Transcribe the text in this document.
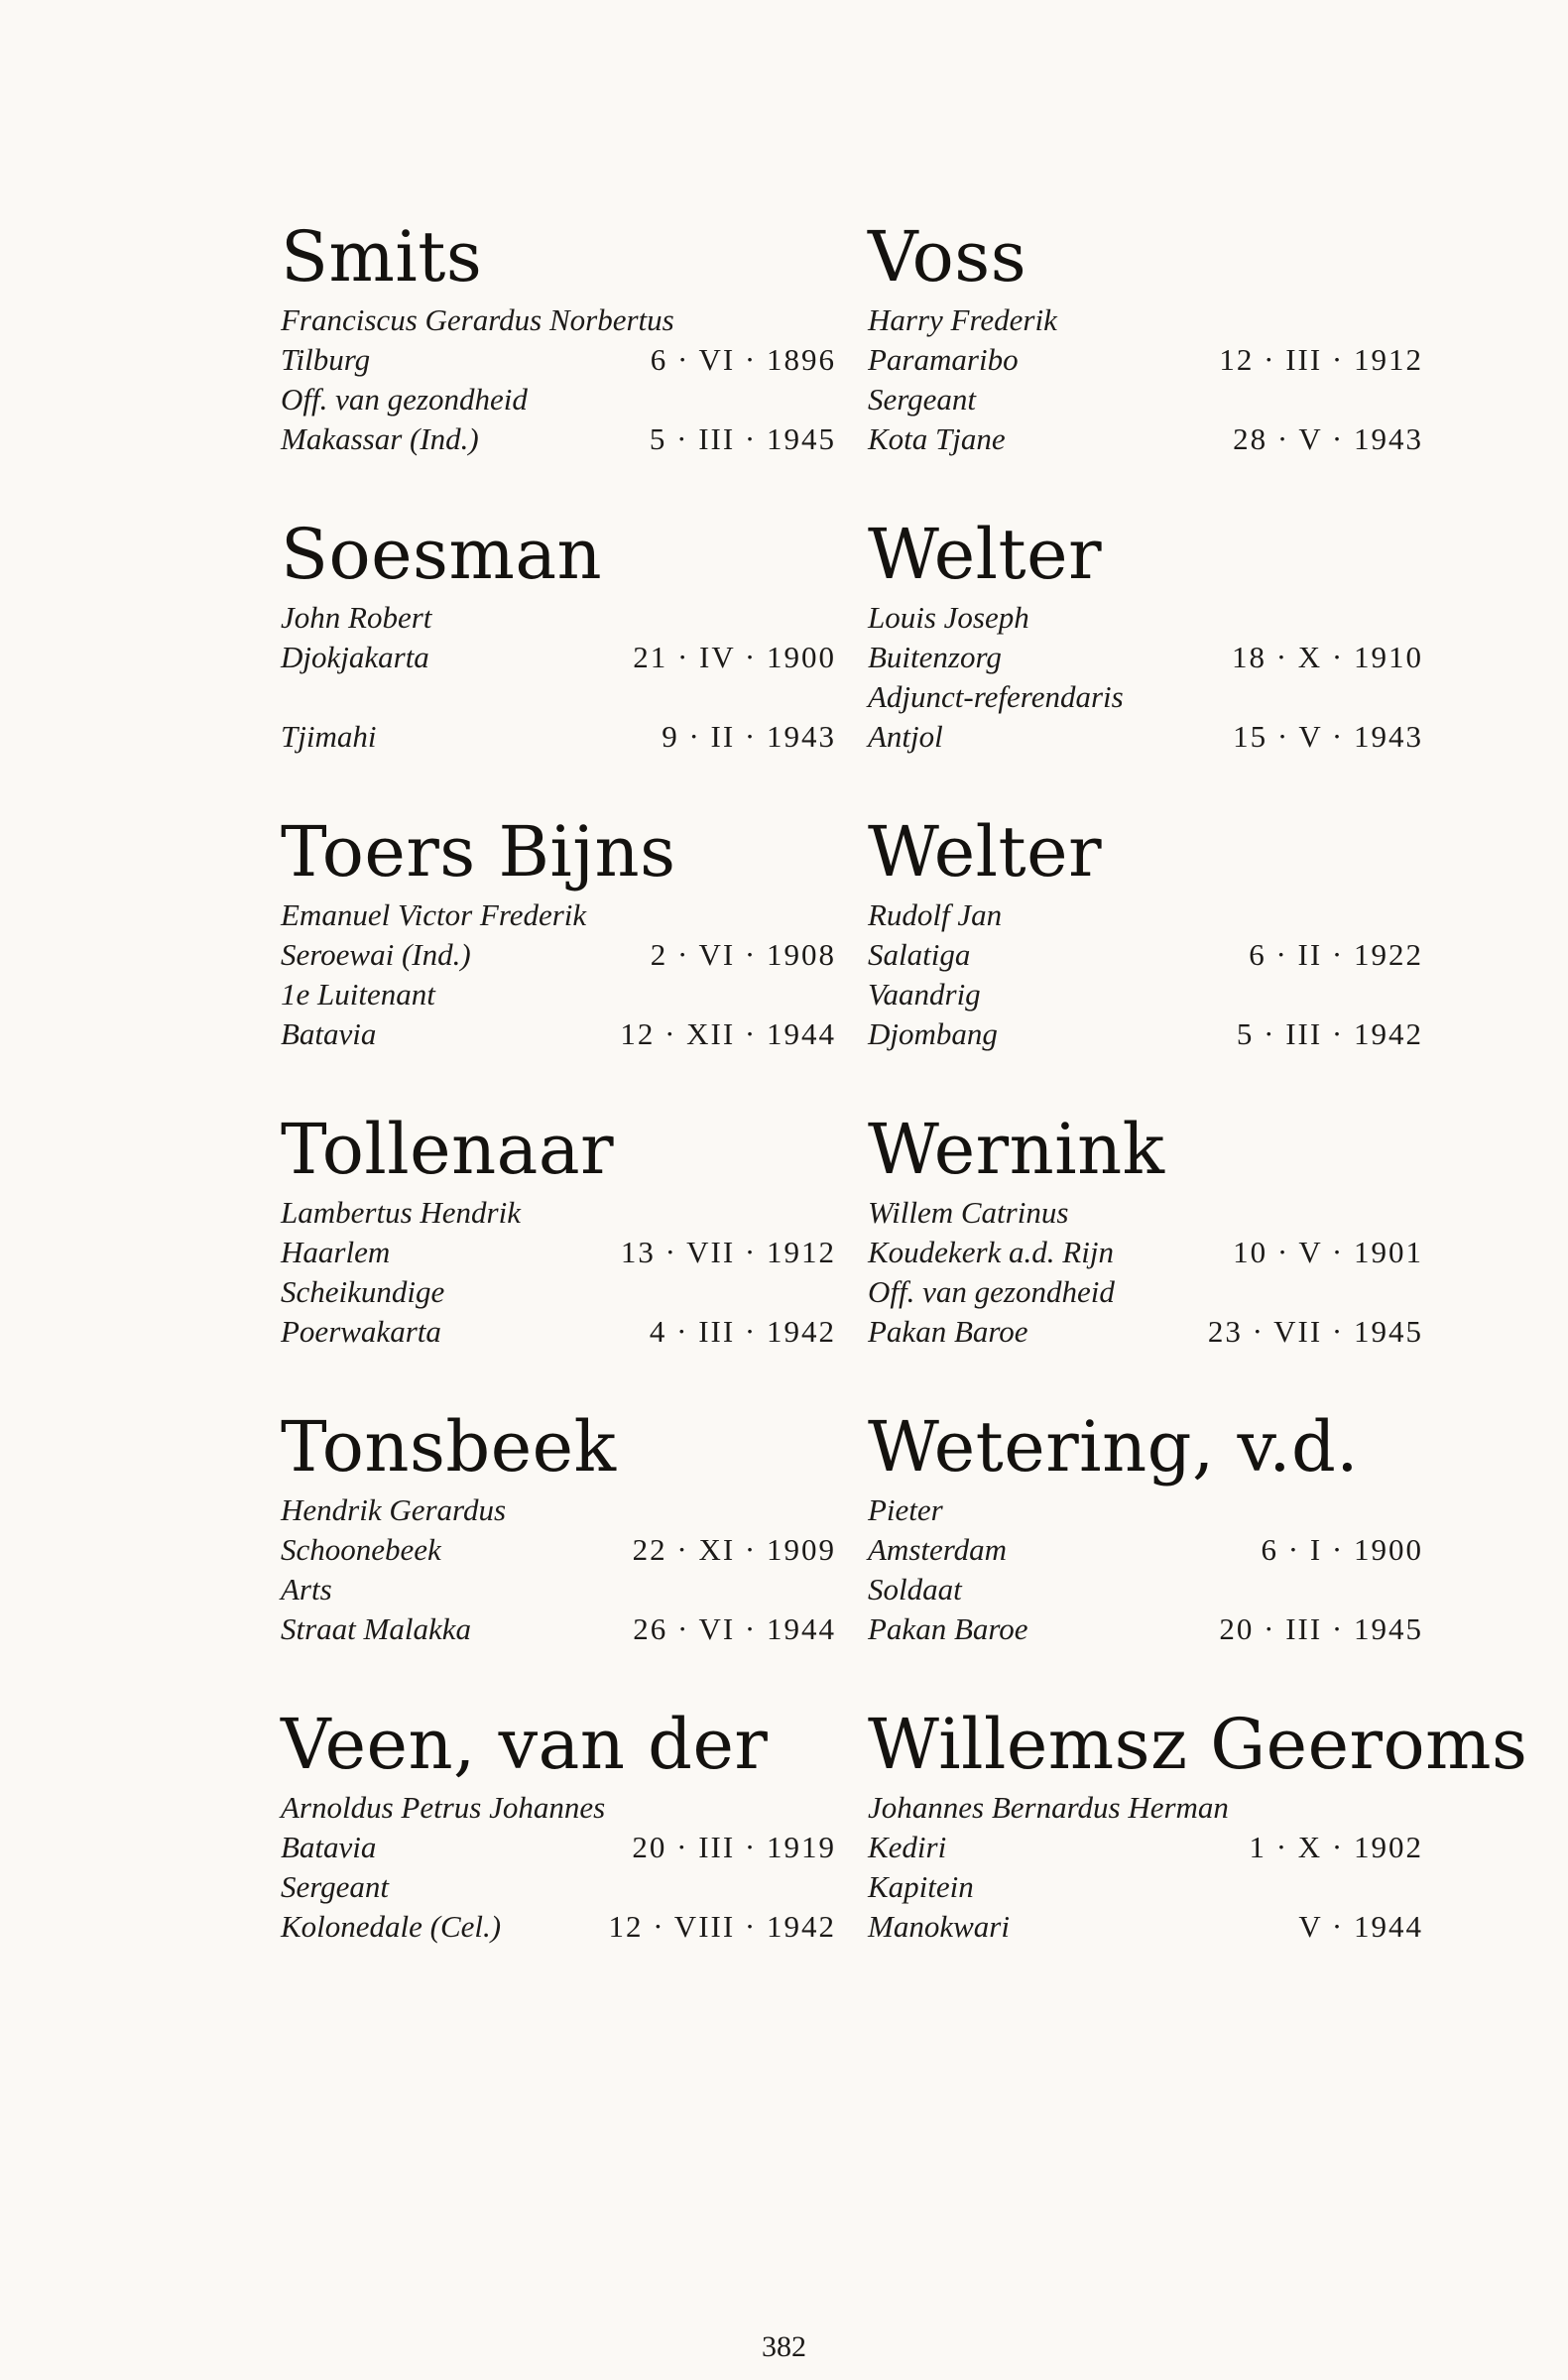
Smits
Franciscus Gerardus Norbertus
Tilburg	6 · VI · 1896
Off. van gezondheid
Makassar (Ind.)	5 · III · 1945
Soesman
John Robert
Djokjakarta	21 · IV · 1900
Tjimahi	9 · II · 1943
Toers Bijns
Emanuel Victor Frederik
Seroewai (Ind.)	2 · VI · 1908
1e Luitenant
Batavia	12 · XII · 1944
Tollenaar
Lambertus Hendrik
Haarlem	13 · VII · 1912
Scheikundige
Poerwakarta	4 · III · 1942
Tonsbeek
Hendrik Gerardus
Schoonebeek	22 · XI · 1909
Arts
Straat Malakka	26 · VI · 1944
Veen, van der
Arnoldus Petrus Johannes
Batavia	20 · III · 1919
Sergeant
Kolonedale (Cel.)	12 · VIII · 1942
Voss
Harry Frederik
Paramaribo	12 · III · 1912
Sergeant
Kota Tjane	28 · V · 1943
Welter
Louis Joseph
Buitenzorg	18 · X · 1910
Adjunct-referendaris
Antjol	15 · V · 1943
Welter
Rudolf Jan
Salatiga	6 · II · 1922
Vaandrig
Djombang	5 · III · 1942
Wernink
Willem Catrinus
Koudekerk a.d. Rijn	10 · V · 1901
Off. van gezondheid
Pakan Baroe	23 · VII · 1945
Wetering, v.d.
Pieter
Amsterdam	6 · I · 1900
Soldaat
Pakan Baroe	20 · III · 1945
Willemsz Geeroms
Johannes Bernardus Herman
Kediri	1 · X · 1902
Kapitein
Manokwari	V · 1944
382
